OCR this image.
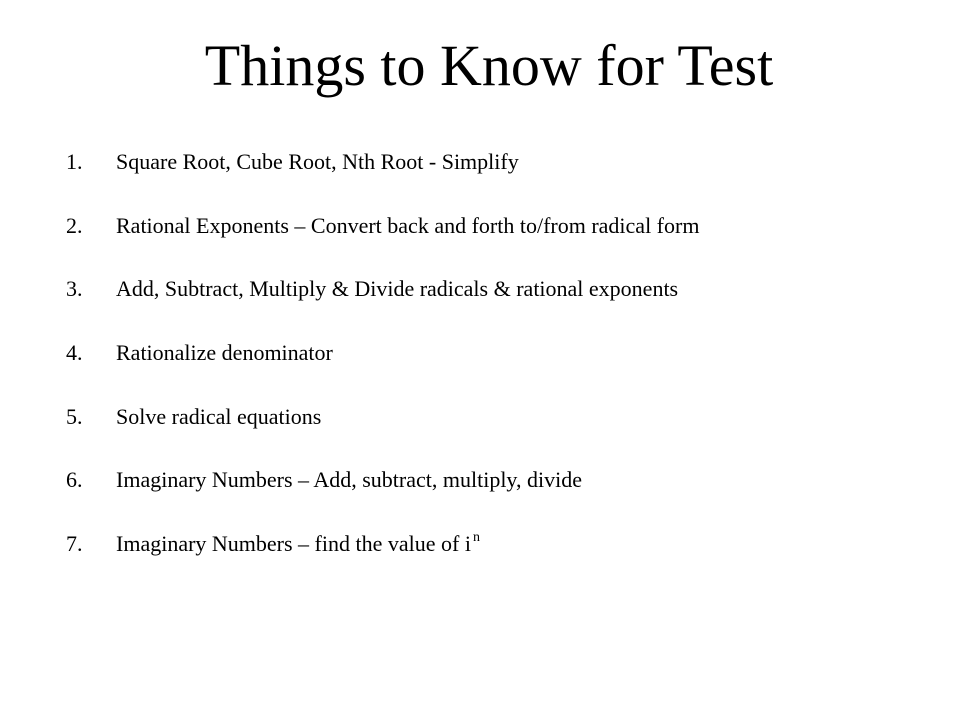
Things to Know for Test
1.	Square Root, Cube Root, Nth Root - Simplify
2.	Rational Exponents – Convert back and forth to/from radical form
3.	Add, Subtract, Multiply & Divide radicals & rational exponents
4.	Rationalize denominator
5.	Solve radical equations
6.	Imaginary Numbers – Add, subtract, multiply, divide
7.	Imaginary Numbers – find the value of i $^n$
